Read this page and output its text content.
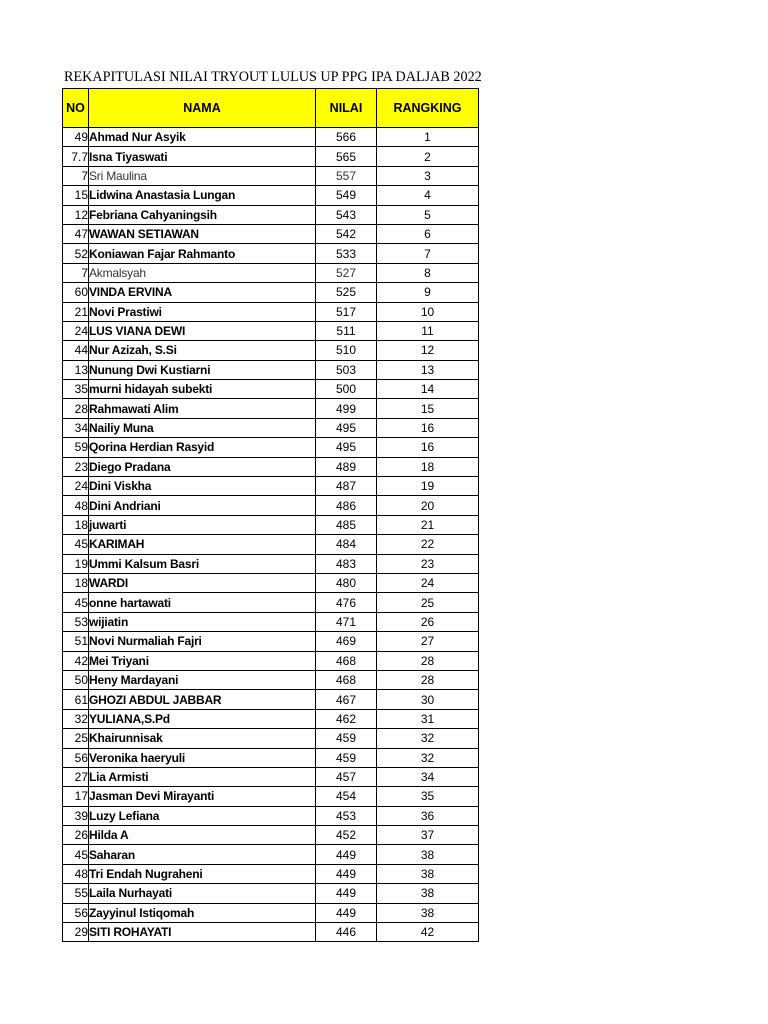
REKAPITULASI NILAI TRYOUT LULUS UP PPG IPA DALJAB 2022
NO	NAMA	NILAI	RANGKING
49	Ahmad Nur Asyik	566	1
7.7	Isna Tiyaswati	565	2
7	Sri Maulina	557	3
15	Lidwina Anastasia Lungan	549	4
12	Febriana Cahyaningsih	543	5
47	WAWAN SETIAWAN	542	6
52	Koniawan Fajar Rahmanto	533	7
7	Akmalsyah	527	8
60	VINDA ERVINA	525	9
21	Novi Prastiwi	517	10
24	LUS VIANA DEWI	511	11
44	Nur Azizah, S.Si	510	12
13	Nunung Dwi Kustiarni	503	13
35	murni hidayah subekti	500	14
28	Rahmawati Alim	499	15
34	Nailiy Muna	495	16
59	Qorina Herdian Rasyid	495	16
23	Diego Pradana	489	18
24	Dini Viskha	487	19
48	Dini Andriani	486	20
18	juwarti	485	21
45	KARIMAH	484	22
19	Ummi Kalsum Basri	483	23
18	WARDI	480	24
45	onne hartawati	476	25
53	wijiatin	471	26
51	Novi Nurmaliah Fajri	469	27
42	Mei Triyani	468	28
50	Heny Mardayani	468	28
61	GHOZI ABDUL JABBAR	467	30
32	YULIANA,S.Pd	462	31
25	Khairunnisak	459	32
56	Veronika haeryuli	459	32
27	Lia Armisti	457	34
17	Jasman Devi Mirayanti	454	35
39	Luzy Lefiana	453	36
26	Hilda A	452	37
45	Saharan	449	38
48	Tri Endah Nugraheni	449	38
55	Laila Nurhayati	449	38
56	Zayyinul Istiqomah	449	38
29	SITI ROHAYATI	446	42
